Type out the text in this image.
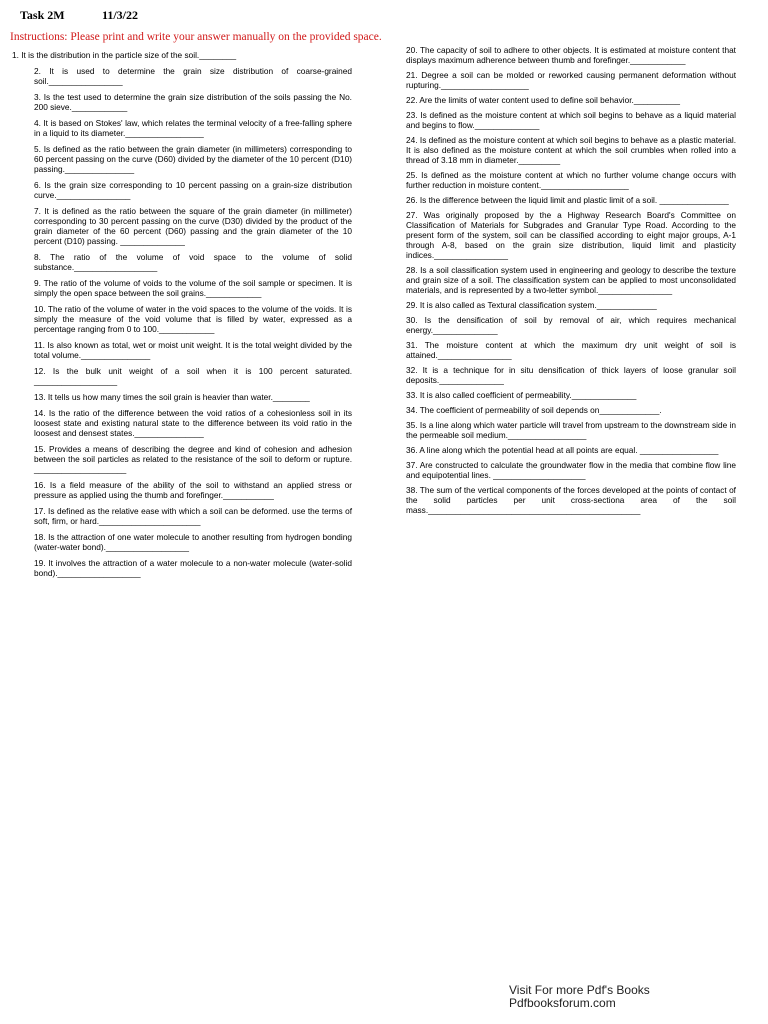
Task 2M	11/3/22
Instructions: Please print and write your answer manually on the provided space.

1. It is the distribution in the particle size of the soil.________

2. It is used to determine the grain size distribution of coarse-grained soil.________________

3. Is the test used to determine the grain size distribution of the soils passing the No. 200 sieve.____________

4. It is based on Stokes' law, which relates the terminal velocity of a free-falling sphere in a liquid to its diameter._________________

5. Is defined as the ratio between the grain diameter (in millimeters) corresponding to 60 percent passing on the curve (D60) divided by the diameter of the 10 percent (D10) passing._______________

6. Is the grain size corresponding to 10 percent passing on a grain-size distribution curve.________________

7. It is defined as the ratio between the square of the grain diameter (in millimeter) corresponding to 30 percent passing on the curve (D30) divided by the product of the grain diameter of the 60 percent (D60) passing and the grain diameter of the 10 percent (D10) passing. ______________

8. The ratio of the volume of void space to the volume of solid substance.__________________

9. The ratio of the volume of voids to the volume of the soil sample or specimen. It is simply the open space between the soil grains.____________

10. The ratio of the volume of water in the void spaces to the volume of the voids. It is simply the measure of the void volume that is filled by water, expressed as a percentage ranging from 0 to 100.____________

11. Is also known as total, wet or moist unit weight. It is the total weight divided by the total volume._______________

12. Is the bulk unit weight of a soil when it is 100 percent saturated. __________________

13. It tells us how many times the soil grain is heavier than water.________

14. Is the ratio of the difference between the void ratios of a cohesionless soil in its loosest state and existing natural state to the difference between its void ratio in the loosest and densest states._______________

15. Provides a means of describing the degree and kind of cohesion and adhesion between the soil particles as related to the resistance of the soil to deform or rupture. ____________________

16. Is a field measure of the ability of the soil to withstand an applied stress or pressure as applied using the thumb and forefinger.___________

17. Is defined as the relative ease with which a soil can be deformed. use the terms of soft, firm, or hard.______________________

18. Is the attraction of one water molecule to another resulting from hydrogen bonding (water-water bond).__________________

19. It involves the attraction of a water molecule to a non-water molecule (water-solid bond).__________________

20. The capacity of soil to adhere to other objects. It is estimated at moisture content that displays maximum adherence between thumb and forefinger.____________

21. Degree a soil can be molded or reworked causing permanent deformation without rupturing.___________________

22. Are the limits of water content used to define soil behavior.__________

23. Is defined as the moisture content at which soil begins to behave as a liquid material and begins to flow.______________

24. Is defined as the moisture content at which soil begins to behave as a plastic material. It is also defined as the moisture content at which the soil crumbles when rolled into a thread of 3.18 mm in diameter._________

25. Is defined as the moisture content at which no further volume change occurs with further reduction in moisture content.___________________

26. Is the difference between the liquid limit and plastic limit of a soil. _______________

27. Was originally proposed by the a Highway Research Board's Committee on Classification of Materials for Subgrades and Granular Type Road. According to the present form of the system, soil can be classified according to eight major groups, A-1 through A-8, based on the grain size distribution, liquid limit and plasticity indices.________________

28. Is a soil classification system used in engineering and geology to describe the texture and grain size of a soil. The classification system can be applied to most unconsolidated materials, and is represented by a two-letter symbol.________________

29. It is also called as Textural classification system._____________

30. Is the densification of soil by removal of air, which requires mechanical energy.______________

31. The moisture content at which the maximum dry unit weight of soil is attained.________________

32. It is a technique for in situ densification of thick layers of loose granular soil deposits.______________

33. It is also called coefficient of permeability.______________

34. The coefficient of permeability of soil depends on_____________.

35. Is a line along which water particle will travel from upstream to the downstream side in the permeable soil medium._________________

36. A line along which the potential head at all points are equal. _________________

37. Are constructed to calculate the groundwater flow in the media that combine flow line and equipotential lines. ____________________

38. The sum of the vertical components of the forces developed at the points of contact of the solid particles per unit cross-sectiona area of the soil mass.______________________________________________

Visit For more Pdf's Books
Pdfbooksforum.com
